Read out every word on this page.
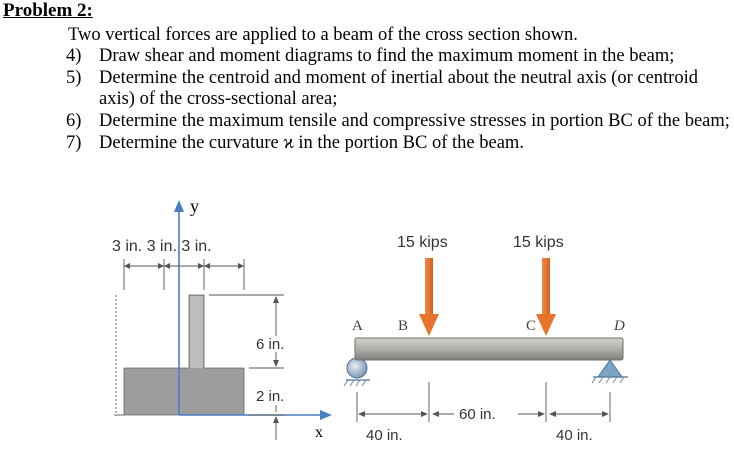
Problem 2:
Two vertical forces are applied to a beam of the cross section shown.
4) Draw shear and moment diagrams to find the maximum moment in the beam;
5) Determine the centroid and moment of inertial about the neutral axis (or centroid axis) of the cross-sectional area;
6) Determine the maximum tensile and compressive stresses in portion BC of the beam;
7) Determine the curvature ϰ in the portion BC of the beam.
y
x
3 in. 3 in. 3 in.
6 in.
2 in.
15 kips	15 kips
A B	C	D
40 in.
60 in.
40 in.
